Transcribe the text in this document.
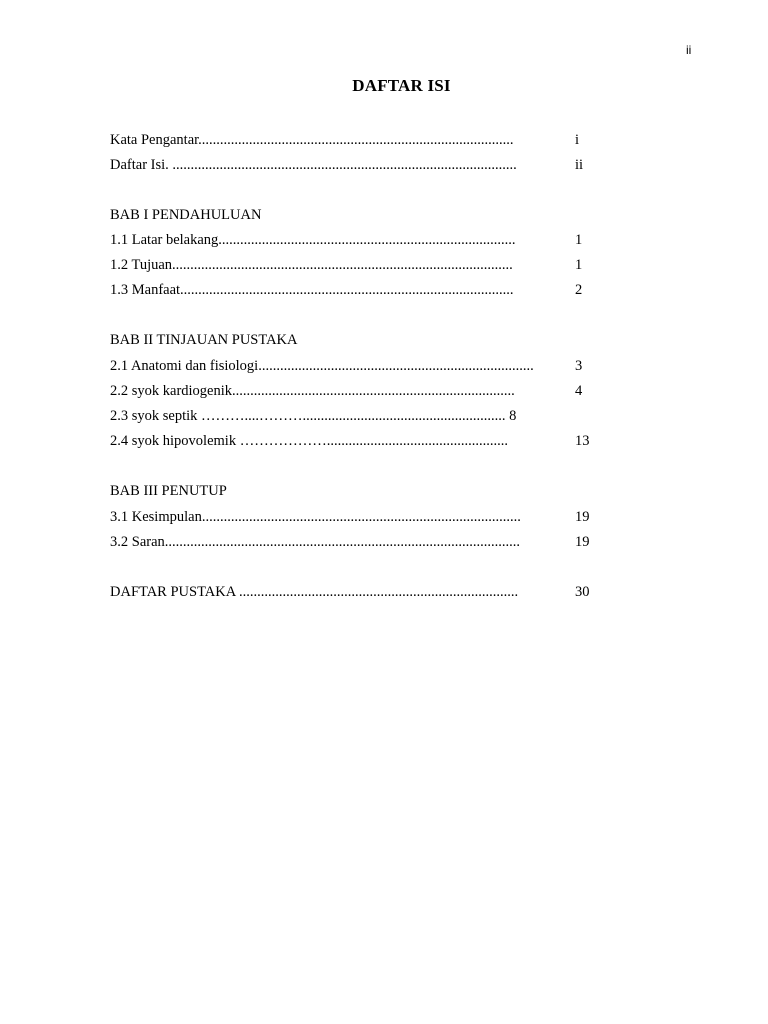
ii
DAFTAR ISI
Kata Pengantar.......................................................................................	i
Daftar Isi. ...............................................................................................	ii
BAB I PENDAHULUAN
1.1 Latar belakang..................................................................................	1
1.2 Tujuan..............................................................................................	1
1.3 Manfaat............................................................................................	2
BAB II TINJAUAN PUSTAKA
2.1 Anatomi dan fisiologi............................................................................	3
2.2 syok kardiogenik..............................................................................	4
2.3 syok septik ………....………........................................................ 8
2.4 syok hipovolemik ………………..................................................	13
BAB III PENUTUP
3.1 Kesimpulan........................................................................................	19
3.2 Saran..................................................................................................	19
DAFTAR PUSTAKA .............................................................................	30
